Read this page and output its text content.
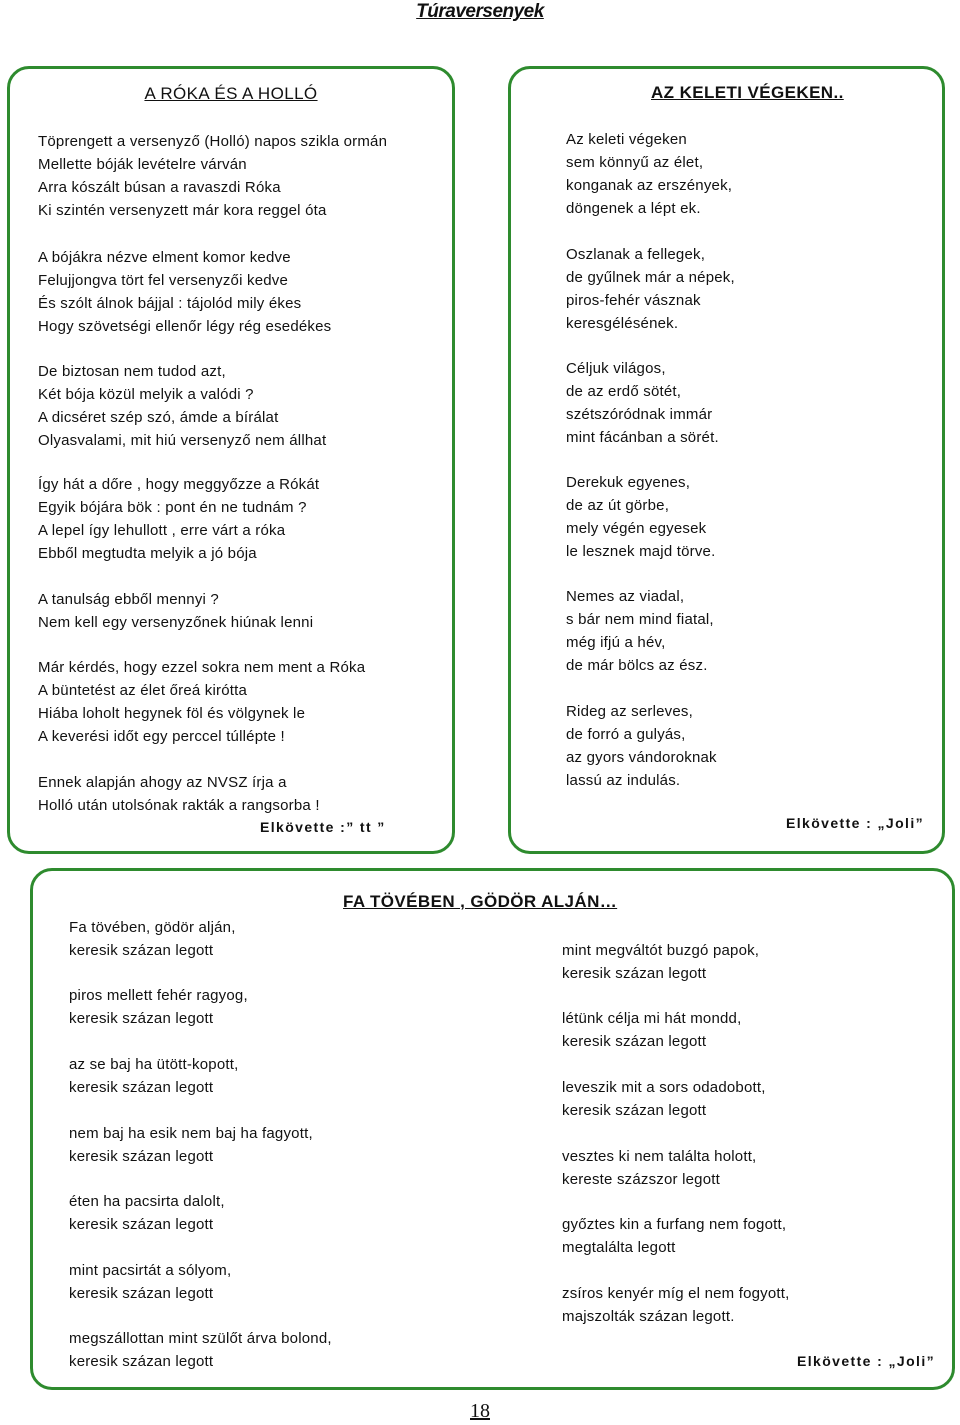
Túraversenyek
A RÓKA ÉS A HOLLÓ
Töprengett a versenyző (Holló) napos szikla ormán
Mellette bóják levételre várván
Arra kószált búsan a ravaszdi Róka
Ki szintén versenyzett már kora reggel óta
A bójákra nézve elment komor kedve
Felujjongva tört fel versenyzői kedve
És szólt álnok bájjal : tájolód mily ékes
Hogy szövetségi ellenőr légy rég esedékes
De biztosan nem tudod azt,
Két bója közül melyik a valódi ?
A dicséret szép szó, ámde a bírálat
Olyasvalami, mit hiú versenyző nem állhat
Így hát a dőre , hogy meggyőzze a Rókát
Egyik bójára bök : pont én ne tudnám ?
A lepel így lehullott , erre várt a róka
Ebből megtudta melyik a jó bója
A tanulság ebből mennyi ?
Nem kell egy versenyzőnek hiúnak lenni
Már kérdés, hogy ezzel sokra nem ment a Róka
A büntetést az élet őreá kirótta
Hiába loholt hegynek föl és völgynek le
A keverési időt egy perccel túllépte !
Ennek alapján ahogy az NVSZ írja a
Holló után utolsónak rakták a rangsorba !
Elkövette :” tt ”
AZ KELETI VÉGEKEN..
Az keleti végeken
sem könnyű az élet,
konganak az erszények,
döngenek a lépt ek.
Oszlanak a fellegek,
de gyűlnek már a népek,
piros-fehér vásznak
keresgélésének.
Céljuk világos,
de az erdő sötét,
szétszóródnak immár
mint fácánban a sörét.
Derekuk egyenes,
de az út görbe,
mely végén egyesek
le lesznek majd törve.
Nemes az viadal,
s bár nem mind fiatal,
még ifjú a hév,
de már bölcs az ész.
Rideg az serleves,
de forró a gulyás,
az gyors vándoroknak
lassú az indulás.
Elkövette : „Joli”
FA TÖVÉBEN , GÖDÖR ALJÁN…
Fa tövében, gödör alján,
keresik százan legott
piros mellett fehér ragyog,
keresik százan legott
az se baj ha ütött-kopott,
keresik százan legott
nem baj ha esik nem baj ha fagyott,
keresik százan legott
éten ha pacsirta dalolt,
keresik százan legott
mint pacsirtát a sólyom,
keresik százan legott
megszállottan mint szülőt árva bolond,
keresik százan legott
mint megváltót buzgó papok,
keresik százan legott
létünk célja mi hát mondd,
keresik százan legott
leveszik mit a sors odadobott,
keresik százan legott
vesztes ki nem találta holott,
kereste százszor legott
győztes kin a furfang nem fogott,
megtalálta legott
zsíros kenyér míg el nem fogyott,
majszolták százan legott.
Elkövette : „Joli”
18
